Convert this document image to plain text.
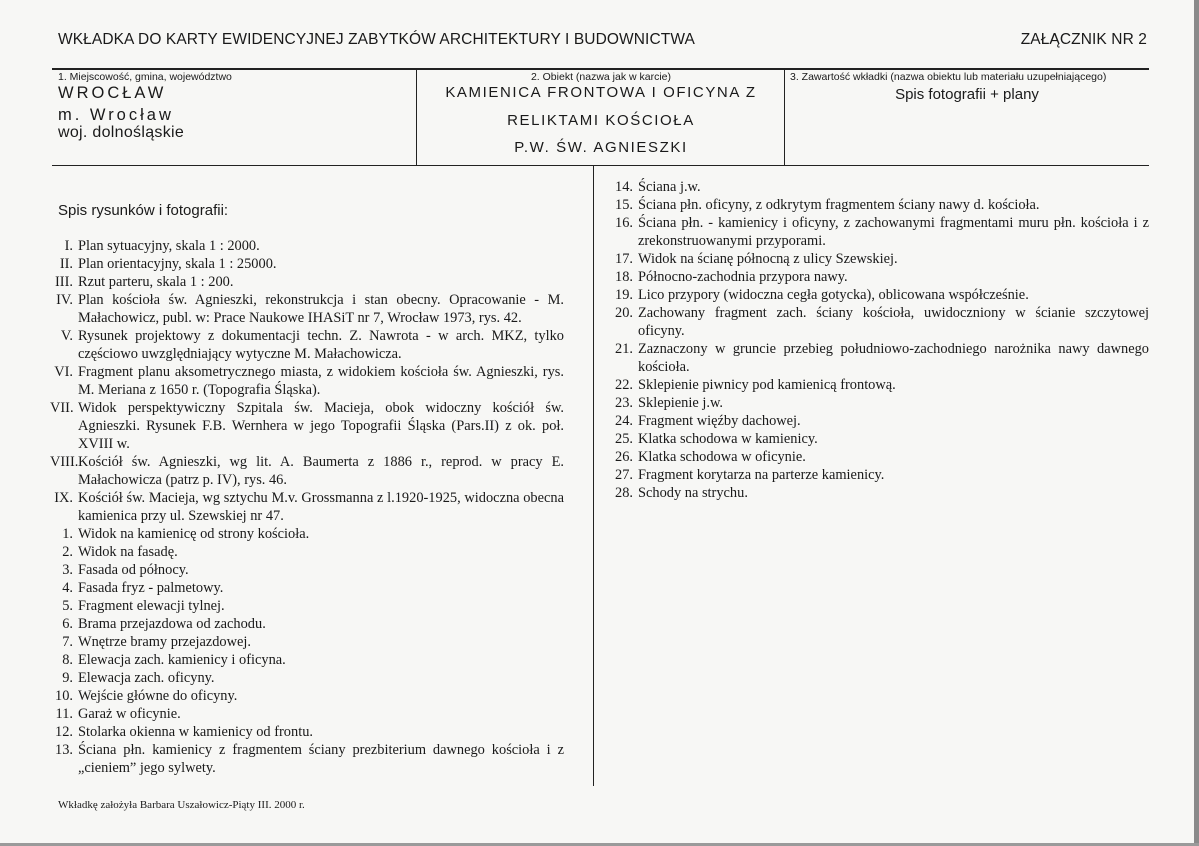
WKŁADKA DO KARTY EWIDENCYJNEJ ZABYTKÓW ARCHITEKTURY I BUDOWNICTWA	ZAŁĄCZNIK NR 2
1. Miejscowość, gmina, województwo
WROCŁAW
m. Wrocław
woj. dolnośląskie
2. Obiekt (nazwa jak w karcie)
KAMIENICA FRONTOWA I OFICYNA Z
RELIKTAMI KOŚCIOŁA
P.W. ŚW. AGNIESZKI
3. Zawartość wkładki (nazwa obiektu lub materiału uzupełniającego)
Spis fotografii + plany
Spis rysunków i fotografii:
I. Plan sytuacyjny, skala 1 : 2000.
II. Plan orientacyjny, skala 1 : 25000.
III. Rzut parteru, skala 1 : 200.
IV. Plan kościoła św. Agnieszki, rekonstrukcja i stan obecny. Opracowanie - M. Małachowicz, publ. w: Prace Naukowe IHASiT nr 7, Wrocław 1973, rys. 42.
V. Rysunek projektowy z dokumentacji techn. Z. Nawrota - w arch. MKZ, tylko częściowo uwzględniający wytyczne M. Małachowicza.
VI. Fragment planu aksometrycznego miasta, z widokiem kościoła św. Agnieszki, rys. M. Meriana z 1650 r. (Topografia Śląska).
VII. Widok perspektywiczny Szpitala św. Macieja, obok widoczny kościół św. Agnieszki. Rysunek F.B. Wernhera w jego Topografii Śląska (Pars.II) z ok. poł. XVIII w.
VIII. Kościół św. Agnieszki, wg lit. A. Baumerta z 1886 r., reprod. w pracy E. Małachowicza (patrz p. IV), rys. 46.
IX. Kościół św. Macieja, wg sztychu M.v. Grossmanna z l.1920-1925, widoczna obecna kamienica przy ul. Szewskiej nr 47.
1. Widok na kamienicę od strony kościoła.
2. Widok na fasadę.
3. Fasada od północy.
4. Fasada fryz - palmetowy.
5. Fragment elewacji tylnej.
6. Brama przejazdowa od zachodu.
7. Wnętrze bramy przejazdowej.
8. Elewacja zach. kamienicy i oficyna.
9. Elewacja zach. oficyny.
10. Wejście główne do oficyny.
11. Garaż w oficynie.
12. Stolarka okienna w kamienicy od frontu.
13. Ściana płn. kamienicy z fragmentem ściany prezbiterium dawnego kościoła i z „cieniem” jego sylwety.
14. Ściana j.w.
15. Ściana płn. oficyny, z odkrytym fragmentem ściany nawy d. kościoła.
16. Ściana płn. - kamienicy i oficyny, z zachowanymi fragmentami muru płn. kościoła i z zrekonstruowanymi przyporami.
17. Widok na ścianę północną z ulicy Szewskiej.
18. Północno-zachodnia przypora nawy.
19. Lico przypory (widoczna cegła gotycka), oblicowana współcześnie.
20. Zachowany fragment zach. ściany kościoła, uwidoczniony w ścianie szczytowej oficyny.
21. Zaznaczony w gruncie przebieg południowo-zachodniego narożnika nawy dawnego kościoła.
22. Sklepienie piwnicy pod kamienicą frontową.
23. Sklepienie j.w.
24. Fragment więźby dachowej.
25. Klatka schodowa w kamienicy.
26. Klatka schodowa w oficynie.
27. Fragment korytarza na parterze kamienicy.
28. Schody na strychu.
Wkładkę założyła Barbara Uszałowicz-Piąty III. 2000 r.
